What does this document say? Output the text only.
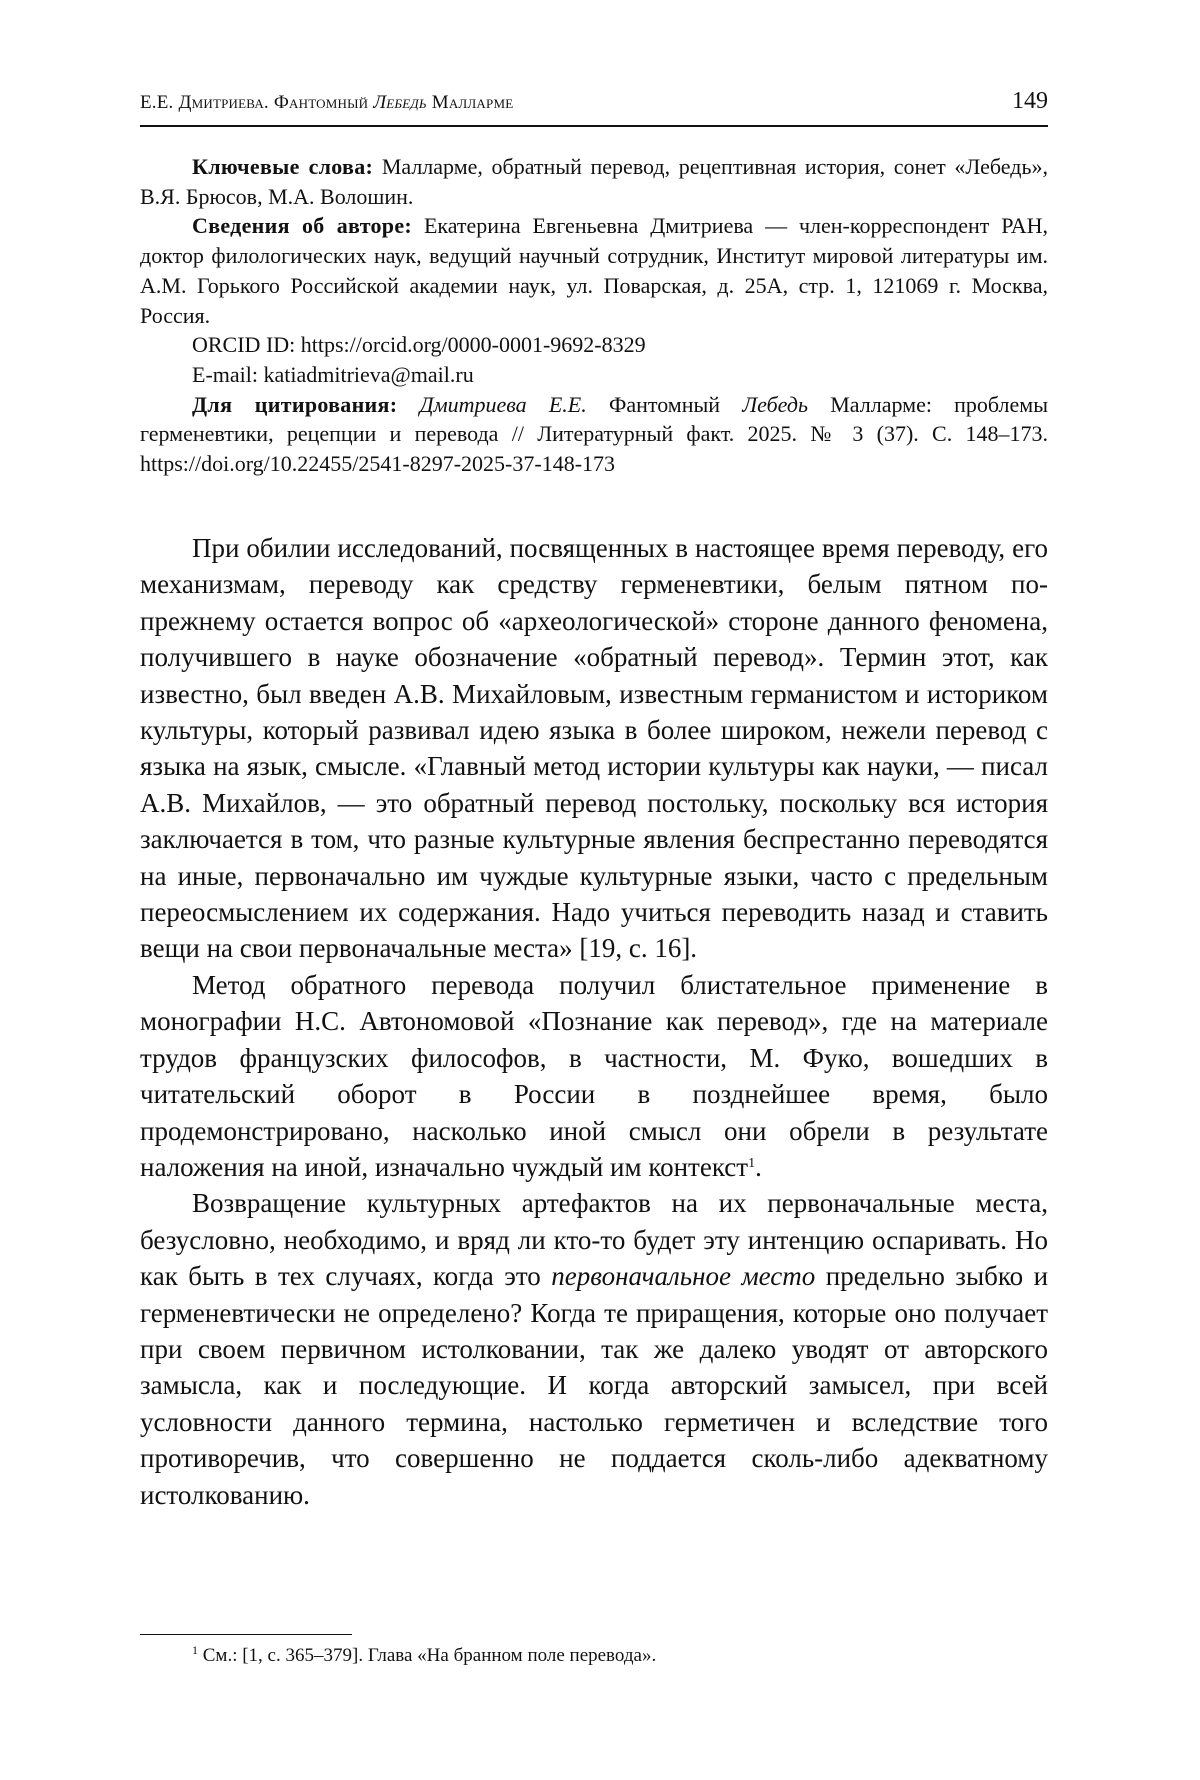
Е.Е. Дмитриева. Фантомный Лебедь Малларме	149

Ключевые слова: Малларме, обратный перевод, рецептивная история, сонет «Лебедь», В.Я. Брюсов, М.А. Волошин.

Сведения об авторе: Екатерина Евгеньевна Дмитриева — член-корреспондент РАН, доктор филологических наук, ведущий научный сотрудник, Институт мировой литературы им. А.М. Горького Российской академии наук, ул. Поварская, д. 25А, стр. 1, 121069 г. Москва, Россия.

ORCID ID: https://orcid.org/0000-0001-9692-8329

E-mail: katiadmitrieva@mail.ru

Для цитирования: Дмитриева Е.Е. Фантомный Лебедь Малларме: проблемы герменевтики, рецепции и перевода // Литературный факт. 2025. № 3 (37). С. 148–173. https://doi.org/10.22455/2541-8297-2025-37-148-173

При обилии исследований, посвященных в настоящее время переводу, его механизмам, переводу как средству герменевтики, белым пятном по-прежнему остается вопрос об «археологической» стороне данного феномена, получившего в науке обозначение «обратный перевод». Термин этот, как известно, был введен А.В. Михайловым, известным германистом и историком культуры, который развивал идею языка в более широком, нежели перевод с языка на язык, смысле. «Главный метод истории культуры как науки, — писал А.В. Михайлов, — это обратный перевод постольку, поскольку вся история заключается в том, что разные культурные явления беспрестанно переводятся на иные, первоначально им чуждые культурные языки, часто с предельным переосмыслением их содержания. Надо учиться переводить назад и ставить вещи на свои первоначальные места» [19, с. 16].

Метод обратного перевода получил блистательное применение в монографии Н.С. Автономовой «Познание как перевод», где на материале трудов французских философов, в частности, М. Фуко, вошедших в читательский оборот в России в позднейшее время, было продемонстрировано, насколько иной смысл они обрели в результате наложения на иной, изначально чуждый им контекст$^1$.

Возвращение культурных артефактов на их первоначальные места, безусловно, необходимо, и вряд ли кто-то будет эту интенцию оспаривать. Но как быть в тех случаях, когда это первоначальное место предельно зыбко и герменевтически не определено? Когда те приращения, которые оно получает при своем первичном истолковании, так же далеко уводят от авторского замысла, как и последующие. И когда авторский замысел, при всей условности данного термина, настолько герметичен и вследствие того противоречив, что совершенно не поддается сколь-либо адекватному истолкованию.

$^1$ См.: [1, с. 365–379]. Глава «На бранном поле перевода».
